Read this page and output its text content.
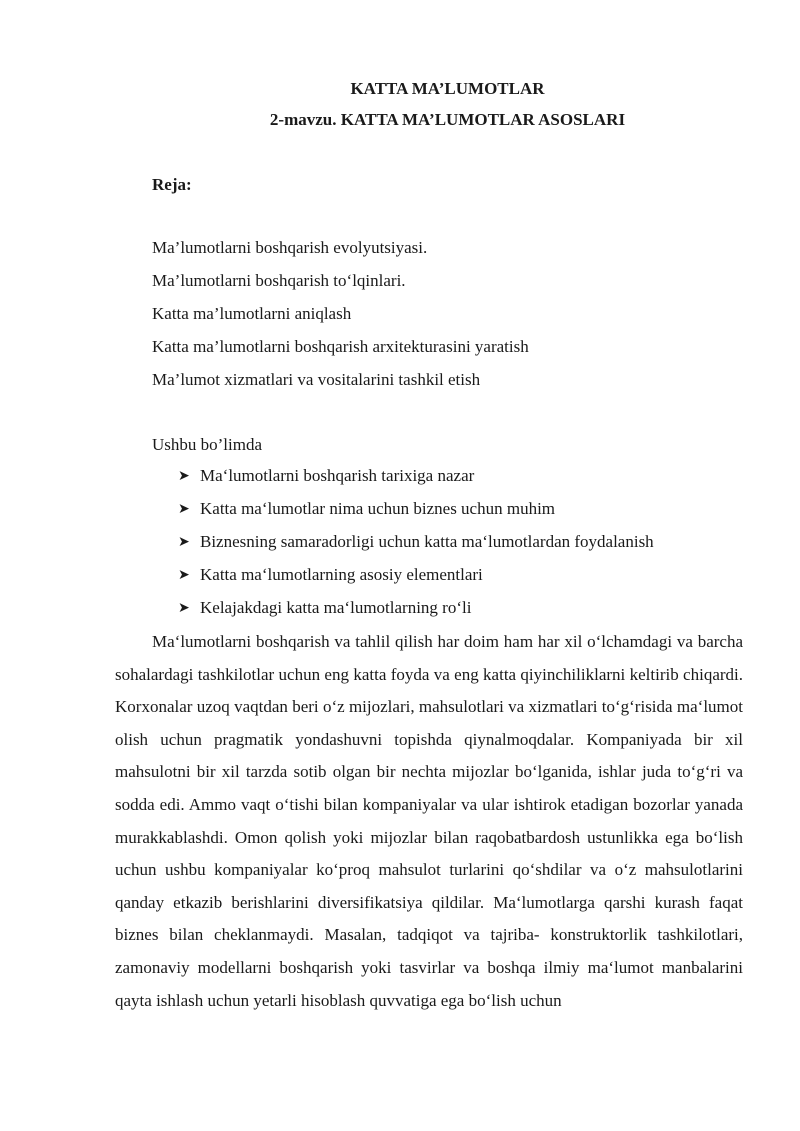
KATTA MA’LUMOTLAR
2-mavzu. KATTA MA’LUMOTLAR ASOSLARI
Reja:
Ma’lumotlarni boshqarish evolyutsiyasi.
Ma’lumotlarni boshqarish to‘lqinlari.
Katta ma’lumotlarni aniqlash
Katta ma’lumotlarni boshqarish arxitekturasini yaratish
Ma’lumot xizmatlari va vositalarini tashkil etish
Ushbu bo’limda
➤ Ma‘lumotlarni boshqarish tarixiga nazar
➤ Katta ma‘lumotlar nima uchun biznes uchun muhim
➤ Biznesning samaradorligi uchun katta ma‘lumotlardan foydalanish
➤ Katta ma‘lumotlarning asosiy elementlari
➤ Kelajakdagi katta ma‘lumotlarning ro‘li

Ma‘lumotlarni boshqarish va tahlil qilish har doim ham har xil o‘lchamdagi va barcha sohalardagi tashkilotlar uchun eng katta foyda va eng katta qiyinchiliklarni keltirib chiqardi. Korxonalar uzoq vaqtdan beri o‘z mijozlari, mahsulotlari va xizmatlari to‘g‘risida ma‘lumot olish uchun pragmatik yondashuvni topishda qiynalmoqdalar. Kompaniyada bir xil mahsulotni bir xil tarzda sotib olgan bir nechta mijozlar bo‘lganida, ishlar juda to‘g‘ri va sodda edi. Ammo vaqt o‘tishi bilan kompaniyalar va ular ishtirok etadigan bozorlar yanada murakkablashdi. Omon qolish yoki mijozlar bilan raqobatbardosh ustunlikka ega bo‘lish uchun ushbu kompaniyalar ko‘proq mahsulot turlarini qo‘shdilar va o‘z mahsulotlarini qanday etkazib berishlarini diversifikatsiya qildilar. Ma‘lumotlarga qarshi kurash faqat biznes bilan cheklanmaydi. Masalan, tadqiqot va tajriba- konstruktorlik tashkilotlari, zamonaviy modellarni boshqarish yoki tasvirlar va boshqa ilmiy ma‘lumot manbalarini qayta ishlash uchun yetarli hisoblash quvvatiga ega bo‘lish uchun
